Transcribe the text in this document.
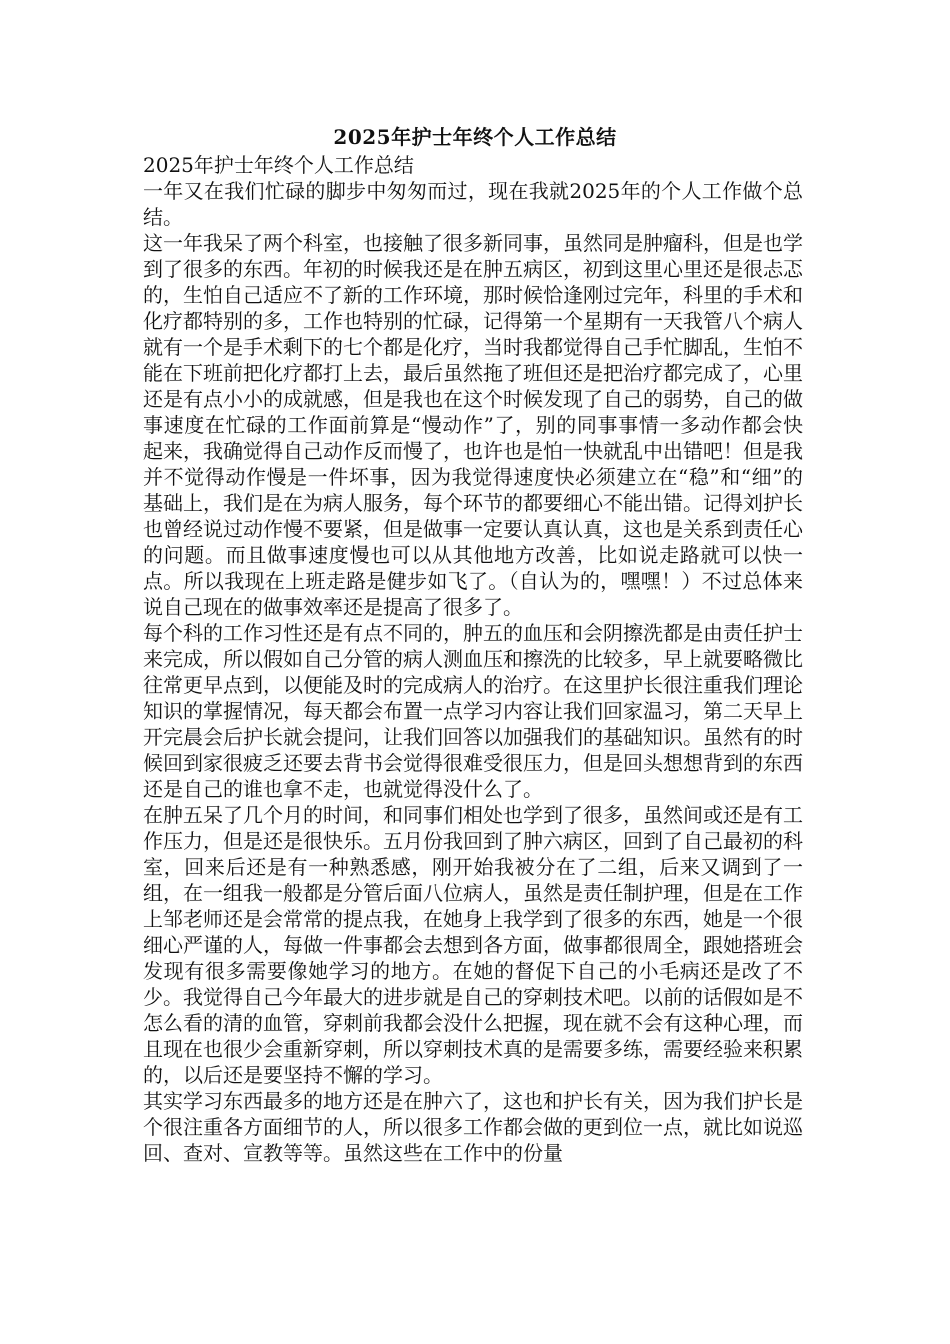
2025年护士年终个人工作总结

2025年护士年终个人工作总结

一年又在我们忙碌的脚步中匆匆而过，现在我就2025年的个人工作做个总结。

这一年我呆了两个科室，也接触了很多新同事，虽然同是肿瘤科，但是也学到了很多的东西。年初的时候我还是在肿五病区，初到这里心里还是很忐忑的，生怕自己适应不了新的工作环境，那时候恰逢刚过完年，科里的手术和化疗都特别的多，工作也特别的忙碌，记得第一个星期有一天我管八个病人就有一个是手术剩下的七个都是化疗，当时我都觉得自己手忙脚乱，生怕不能在下班前把化疗都打上去，最后虽然拖了班但还是把治疗都完成了，心里还是有点小小的成就感，但是我也在这个时候发现了自己的弱势，自己的做事速度在忙碌的工作面前算是“慢动作”了，别的同事事情一多动作都会快起来，我确觉得自己动作反而慢了，也许也是怕一快就乱中出错吧！但是我并不觉得动作慢是一件坏事，因为我觉得速度快必须建立在“稳”和“细”的基础上，我们是在为病人服务，每个环节的都要细心不能出错。记得刘护长也曾经说过动作慢不要紧，但是做事一定要认真认真，这也是关系到责任心的问题。而且做事速度慢也可以从其他地方改善，比如说走路就可以快一点。所以我现在上班走路是健步如飞了。（自认为的，嘿嘿！）不过总体来说自己现在的做事效率还是提高了很多了。

每个科的工作习性还是有点不同的，肿五的血压和会阴擦洗都是由责任护士来完成，所以假如自己分管的病人测血压和擦洗的比较多，早上就要略微比往常更早点到，以便能及时的完成病人的治疗。在这里护长很注重我们理论知识的掌握情况，每天都会布置一点学习内容让我们回家温习，第二天早上开完晨会后护长就会提问，让我们回答以加强我们的基础知识。虽然有的时候回到家很疲乏还要去背书会觉得很难受很压力，但是回头想想背到的东西还是自己的谁也拿不走，也就觉得没什么了。

在肿五呆了几个月的时间，和同事们相处也学到了很多，虽然间或还是有工作压力，但是还是很快乐。五月份我回到了肿六病区，回到了自己最初的科室，回来后还是有一种熟悉感，刚开始我被分在了二组，后来又调到了一组，在一组我一般都是分管后面八位病人，虽然是责任制护理，但是在工作上邹老师还是会常常的提点我，在她身上我学到了很多的东西，她是一个很细心严谨的人，每做一件事都会去想到各方面，做事都很周全，跟她搭班会发现有很多需要像她学习的地方。在她的督促下自己的小毛病还是改了不少。我觉得自己今年最大的进步就是自己的穿刺技术吧。以前的话假如是不怎么看的清的血管，穿刺前我都会没什么把握，现在就不会有这种心理，而且现在也很少会重新穿刺，所以穿刺技术真的是需要多练，需要经验来积累的，以后还是要坚持不懈的学习。

其实学习东西最多的地方还是在肿六了，这也和护长有关，因为我们护长是个很注重各方面细节的人，所以很多工作都会做的更到位一点，就比如说巡回、查对、宣教等等。虽然这些在工作中的份量
